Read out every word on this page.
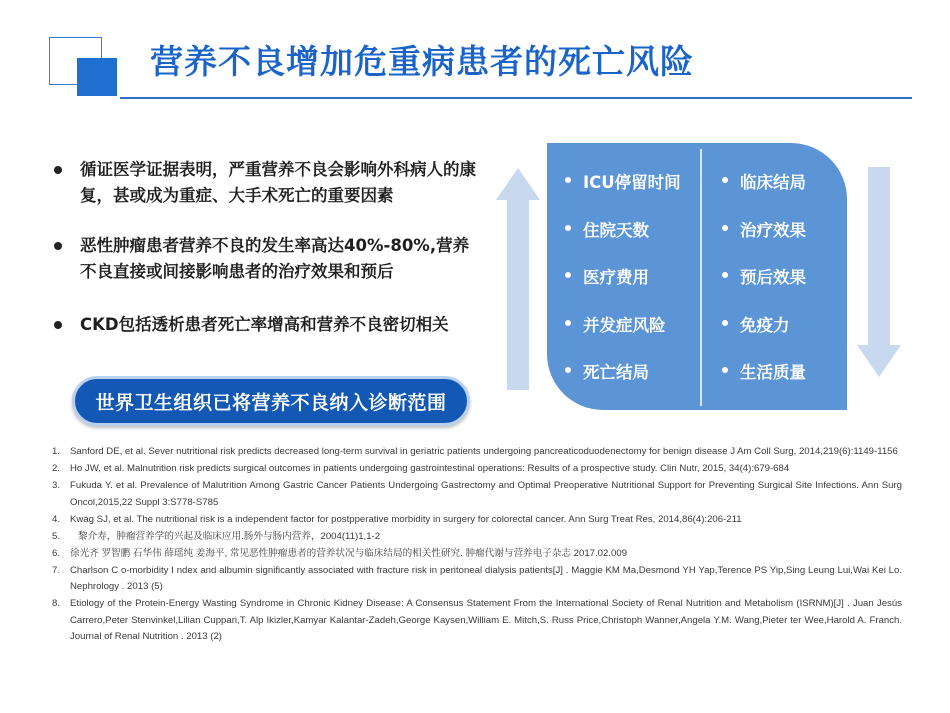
营养不良增加危重病患者的死亡风险
循证医学证据表明，严重营养不良会影响外科病人的康复，甚或成为重症、大手术死亡的重要因素
恶性肿瘤患者营养不良的发生率高达40%-80%,营养不良直接或间接影响患者的治疗效果和预后
CKD包括透析患者死亡率增高和营养不良密切相关
世界卫生组织已将营养不良纳入诊断范围
ICU停留时间
住院天数
医疗费用
并发症风险
死亡结局
临床结局
治疗效果
预后效果
免疫力
生活质量
1.	Sanford DE, et al. Sever nutritional risk predicts decreased long-term survival in geriatric patients undergoing pancreaticoduodenectomy for benign disease J Am Coll Surg, 2014,219(6):1149-1156
2.	Ho JW, et al. Malnutrition risk predicts surgical outcomes in patients undergoing gastrointestinal operations: Results of a prospective study. Clin Nutr, 2015, 34(4):679-684
3.	Fukuda Y. et al. Prevalence of Malutrition Among Gastric Cancer Patients Undergoing Gastrectomy and Optimal Preoperative Nutritional Support for Preventing Surgical Site Infections. Ann Surg Oncol,2015,22 Suppl 3:S778-S785
4.	Kwag SJ, et al. The nutritional risk is a independent factor for postpperative morbidity in surgery for colorectal cancer. Ann Surg Treat Res, 2014,86(4):206-211
5.	黎介寿，肿瘤营养学的兴起及临床应用.肠外与肠内营养，2004(11)1,1-2
6.	徐光齐 罗智鹏 石华伟 薛瑶纯 姜海平, 常见恶性肿瘤患者的营养状况与临床结局的相关性研究. 肿瘤代谢与营养电子杂志 2017.02.009
7.	Charlson C o-morbidity I ndex and albumin significantly associated with fracture risk in peritoneal dialysis patients[J] . Maggie KM Ma,Desmond YH Yap,Terence PS Yip,Sing Leung Lui,Wai Kei Lo. Nephrology . 2013 (5)
8.	Etiology of the Protein-Energy Wasting Syndrome in Chronic Kidney Disease: A Consensus Statement From the International Society of Renal Nutrition and Metabolism (ISRNM)[J] . Juan Jesús Carrero,Peter Stenvinkel,Lilian Cuppari,T. Alp Ikizler,Kamyar Kalantar-Zadeh,George Kaysen,William E. Mitch,S. Russ Price,Christoph Wanner,Angela Y.M. Wang,Pieter ter Wee,Harold A. Franch. Journal of Renal Nutrition . 2013 (2)
